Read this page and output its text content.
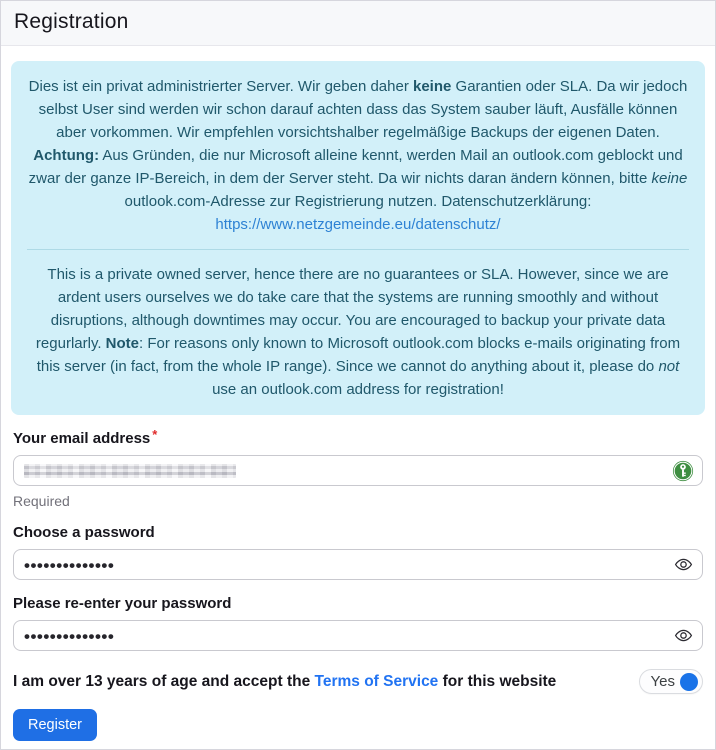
Registration

Dies ist ein privat administrierter Server. Wir geben daher keine Garantien oder SLA. Da wir jedoch selbst User sind werden wir schon darauf achten dass das System sauber läuft, Ausfälle können aber vorkommen. Wir empfehlen vorsichtshalber regelmäßige Backups der eigenen Daten. Achtung: Aus Gründen, die nur Microsoft alleine kennt, werden Mail an outlook.com geblockt und zwar der ganze IP-Bereich, in dem der Server steht. Da wir nichts daran ändern können, bitte keine outlook.com-Adresse zur Registrierung nutzen. Datenschutzerklärung: https://www.netzgemeinde.eu/datenschutz/

This is a private owned server, hence there are no guarantees or SLA. However, since we are ardent users ourselves we do take care that the systems are running smoothly and without disruptions, although downtimes may occur. You are encouraged to backup your private data regurlarly. Note: For reasons only known to Microsoft outlook.com blocks e-mails originating from this server (in fact, from the whole IP range). Since we cannot do anything about it, please do not use an outlook.com address for registration!

Your email address *
Required
Choose a password
••••••••••••••
Please re-enter your password
••••••••••••••
I am over 13 years of age and accept the Terms of Service for this website	Yes
Register
